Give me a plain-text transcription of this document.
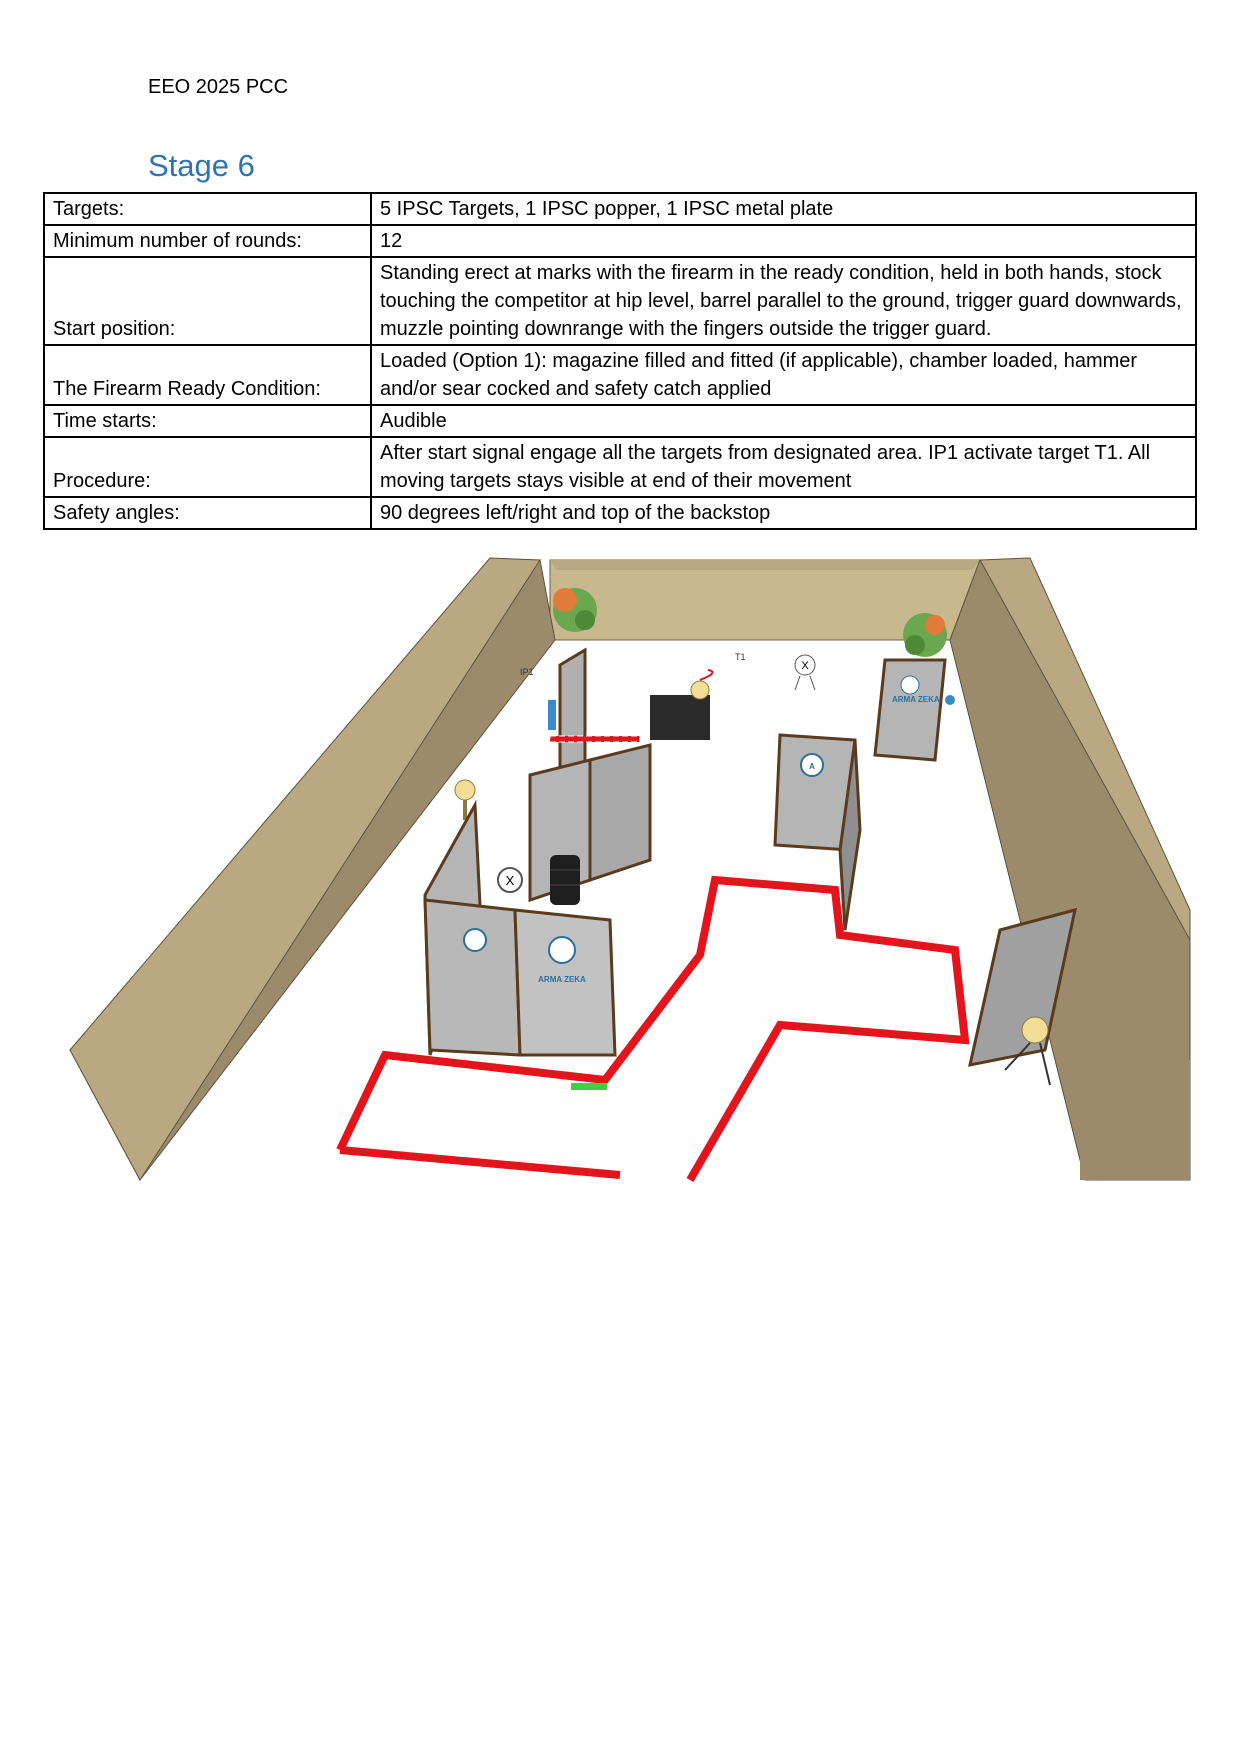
EEO 2025 PCC
Stage 6
Targets:	5 IPSC Targets, 1 IPSC popper, 1 IPSC metal plate
Minimum number of rounds:	12
Start position:	Standing erect at marks with the firearm in the ready condition, held in both hands, stock touching the competitor at hip level, barrel parallel to the ground, trigger guard downwards, muzzle pointing downrange with the fingers outside the trigger guard.
The Firearm Ready Condition:	Loaded (Option 1): magazine filled and fitted (if applicable), chamber loaded, hammer and/or sear cocked and safety catch applied
Time starts:	Audible
Procedure:	After start signal engage all the targets from designated area. IP1 activate target T1. All moving targets stays visible at end of their movement
Safety angles:	90 degrees left/right and top of the backstop
IP1
T1
X
ARMA ZEKA
A
X
ARMA ZEKA
